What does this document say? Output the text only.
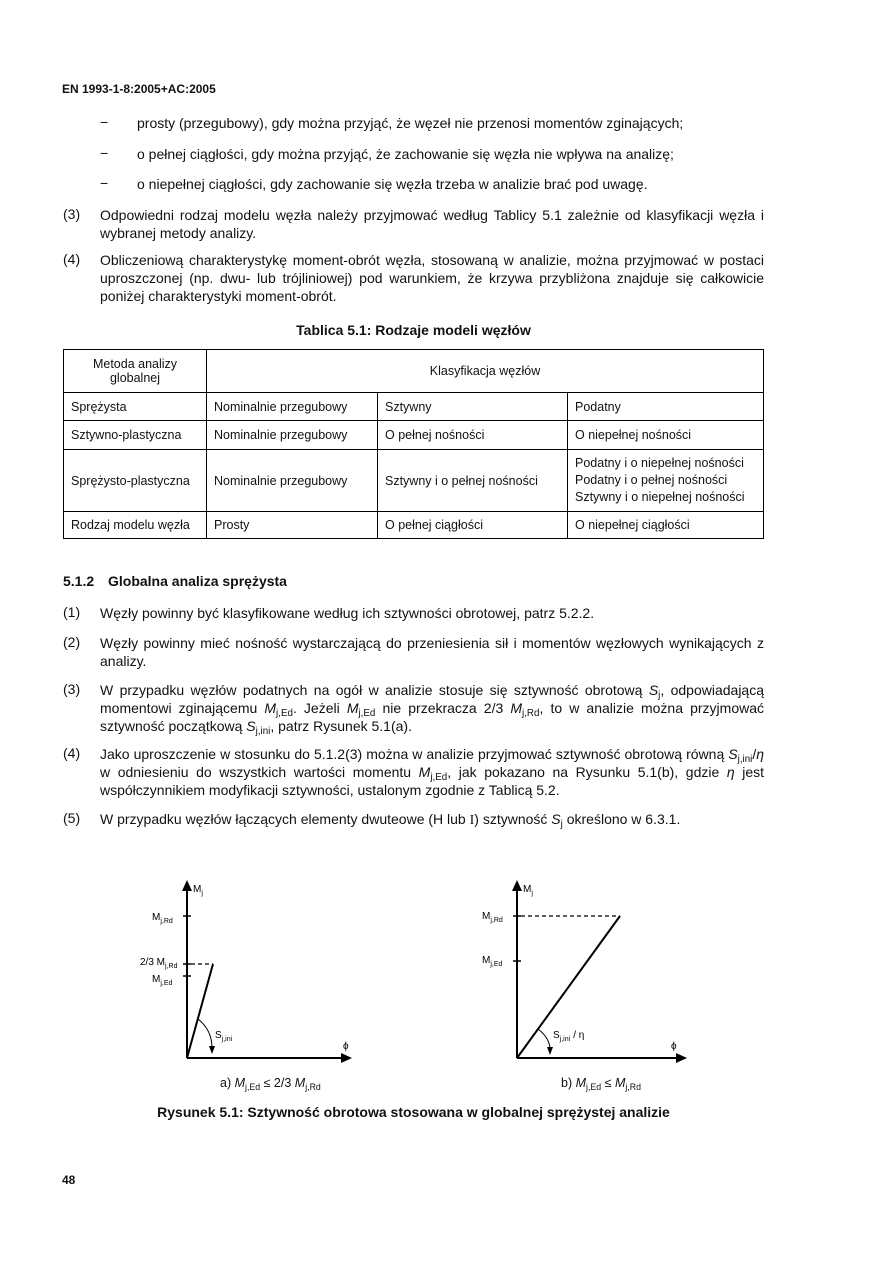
EN 1993-1-8:2005+AC:2005
− prosty (przegubowy), gdy można przyjąć, że węzeł nie przenosi momentów zginających;
− o pełnej ciągłości, gdy można przyjąć, że zachowanie się węzła nie wpływa na analizę;
− o niepełnej ciągłości, gdy zachowanie się węzła trzeba w analizie brać pod uwagę.
(3) Odpowiedni rodzaj modelu węzła należy przyjmować według Tablicy 5.1 zależnie od klasyfikacji węzła i wybranej metody analizy.
(4) Obliczeniową charakterystykę moment-obrót węzła, stosowaną w analizie, można przyjmować w postaci uproszczonej (np. dwu- lub trójliniowej) pod warunkiem, że krzywa przybliżona znajduje się całkowicie poniżej charakterystyki moment-obrót.
Tablica 5.1: Rodzaje modeli węzłów
Metoda analizy globalnej	Klasyfikacja węzłów		
Sprężysta	Nominalnie przegubowy	Sztywny	Podatny
Sztywno-plastyczna	Nominalnie przegubowy	O pełnej nośności	O niepełnej nośności
Sprężysto-plastyczna	Nominalnie przegubowy	Sztywny i o pełnej nośności	Podatny i o niepełnej nośności
Podatny i o pełnej nośności
Sztywny i o niepełnej nośności

Rodzaj modelu węzła	Prosty	O pełnej ciągłości	O niepełnej ciągłości
5.1.2 Globalna analiza sprężysta
(1) Węzły powinny być klasyfikowane według ich sztywności obrotowej, patrz 5.2.2.
(2) Węzły powinny mieć nośność wystarczającą do przeniesienia sił i momentów węzłowych wynikających z analizy.
(3) W przypadku węzłów podatnych na ogół w analizie stosuje się sztywność obrotową $S_j$, odpowiadającą momentowi zginającemu $M_{j,Ed}$. Jeżeli $M_{j,Ed}$ nie przekracza 2/3 $M_{j,Rd}$, to w analizie można przyjmować sztywność początkową $S_{j,ini}$, patrz Rysunek 5.1(a).
(4) Jako uproszczenie w stosunku do 5.1.2(3) można w analizie przyjmować sztywność obrotową równą $S_{j,ini}/\eta$ w odniesieniu do wszystkich wartości momentu $M_{j,Ed}$, jak pokazano na Rysunku 5.1(b), gdzie η jest współczynnikiem modyfikacji sztywności, ustalonym zgodnie z Tablicą 5.2.
(5) W przypadku węzłów łączących elementy dwuteowe (H lub I) sztywność $S_j$ określono w 6.3.1.
$M_j$
$M_{j,Rd}$
2/3 $M_{j,Rd}$
$M_{j,Ed}$
$S_{j,ini}$
ϕ
a) $M_{j,Ed} \le 2/3$ $M_{j,Rd}$
$M_j$
$M_{j,Rd}$
$M_{j,Ed}$
$S_{j,ini}$ / η
ϕ
b) $M_{j,Ed} \le M_{j,Rd}$
Rysunek 5.1: Sztywność obrotowa stosowana w globalnej sprężystej analizie
48
